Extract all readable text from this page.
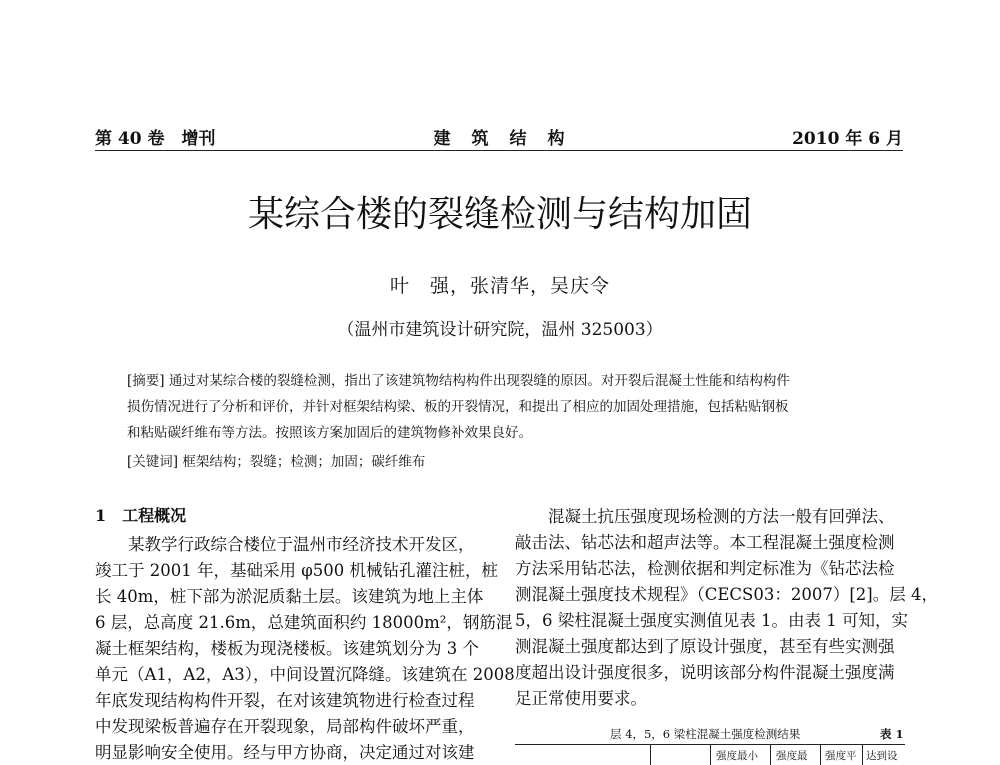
第 40 卷　增刊	建　筑　结　构	2010 年 6 月
某综合楼的裂缝检测与结构加固
叶　强，张清华，吴庆令
（温州市建筑设计研究院，温州 325003）
[摘要] 通过对某综合楼的裂缝检测，指出了该建筑物结构构件出现裂缝的原因。对开裂后混凝土性能和结构构件
损伤情况进行了分析和评价，并针对框架结构梁、板的开裂情况，和提出了相应的加固处理措施，包括粘贴钢板
和粘贴碳纤维布等方法。按照该方案加固后的建筑物修补效果良好。
[关键词] 框架结构；裂缝；检测；加固；碳纤维布
1　工程概况
　　某教学行政综合楼位于温州市经济技术开发区，
竣工于 2001 年，基础采用 φ500 机械钻孔灌注桩，桩
长 40m，桩下部为淤泥质黏土层。该建筑为地上主体
6 层，总高度 21.6m，总建筑面积约 18000m²，钢筋混
凝土框架结构，楼板为现浇楼板。该建筑划分为 3 个
单元（A1，A2，A3），中间设置沉降缝。该建筑在 2008
年底发现结构构件开裂，在对该建筑物进行检查过程
中发现梁板普遍存在开裂现象，局部构件破坏严重，
明显影响安全使用。经与甲方协商，决定通过对该建
　　混凝土抗压强度现场检测的方法一般有回弹法、
敲击法、钻芯法和超声法等。本工程混凝土强度检测
方法采用钻芯法，检测依据和判定标准为《钻芯法检
测混凝土强度技术规程》（CECS03：2007）[2]。层 4，
5，6 梁柱混凝土强度实测值见表 1。由表 1 可知，实
测混凝土强度都达到了原设计强度，甚至有些实测强
度超出设计强度很多，说明该部分构件混凝土强度满
足正常使用要求。
层 4，5，6 梁柱混凝土强度检测结果	表 1
强度最小 强度最 强度平 达到设
